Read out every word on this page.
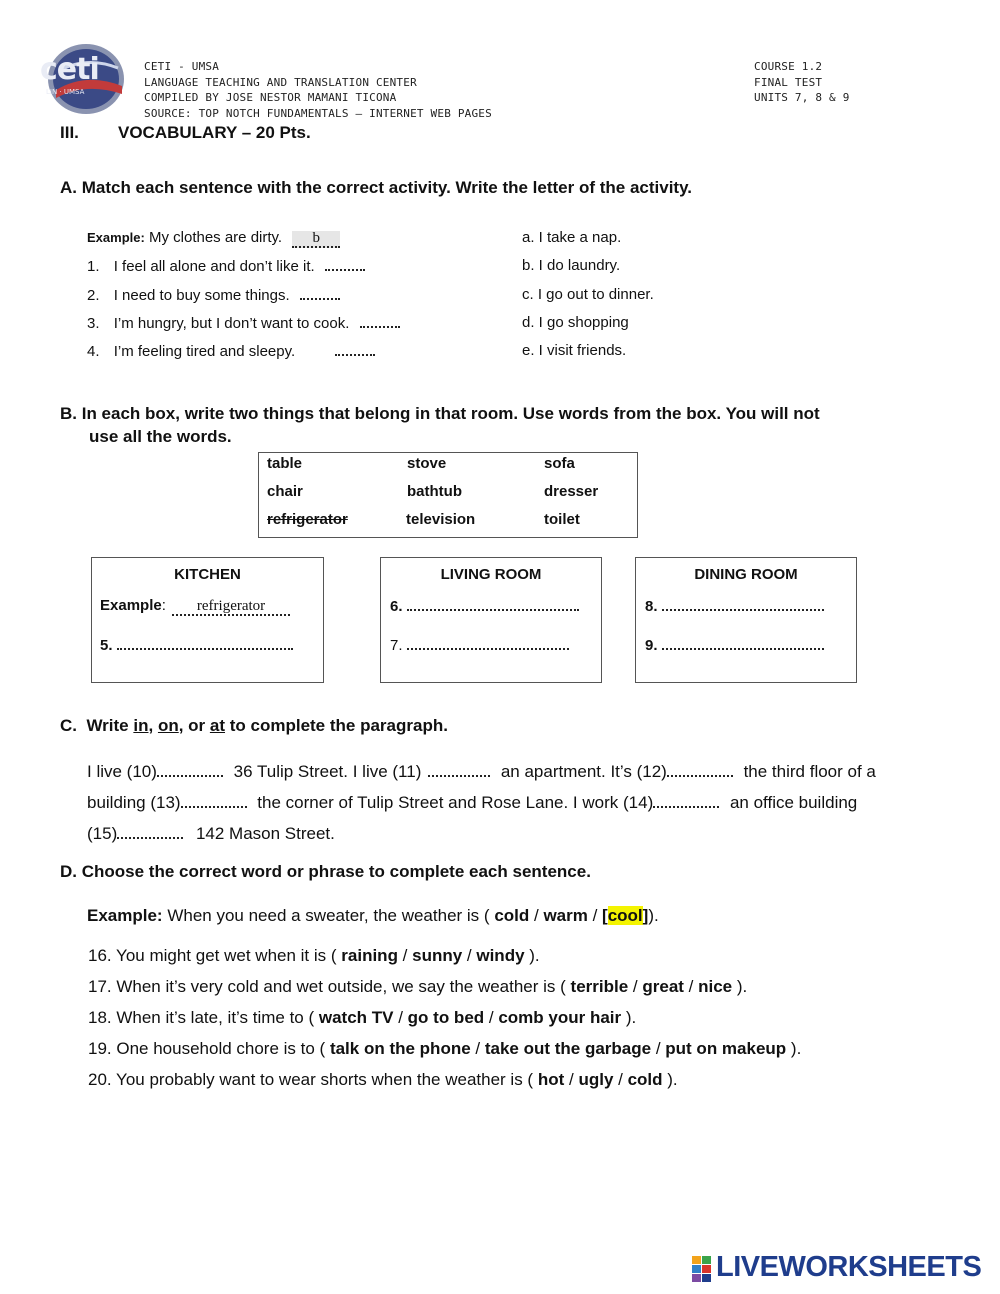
ceti
LIN · UMSA
CETI - UMSA
LANGUAGE TEACHING AND TRANSLATION CENTER
COMPILED BY JOSE NESTOR MAMANI TICONA
SOURCE: TOP NOTCH FUNDAMENTALS – INTERNET WEB PAGES
COURSE 1.2
FINAL TEST
UNITS 7, 8 & 9
III. VOCABULARY – 20 Pts.
A. Match each sentence with the correct activity. Write the letter of the activity.
Example: My clothes are dirty. b
1. I feel all alone and don’t like it.
2. I need to buy some things.
3. I’m hungry, but I don’t want to cook.
4. I’m feeling tired and sleepy.
a. I take a nap.
b. I do laundry.
c. I go out to dinner.
d. I go shopping
e. I visit friends.
B. In each box, write two things that belong in that room. Use words from the box. You will not
use all the words.
table	stove	sofa
chair	bathtub	dresser
refrigerator	television	toilet
KITCHEN
Example: refrigerator
5.
LIVING ROOM
6.
7.
DINING ROOM
8.
9.
C.  Write in, on, or at to complete the paragraph.
I live (10)	36 Tulip Street. I live (11)	an apartment. It’s (12)	the third floor of a
building (13)	the corner of Tulip Street and Rose Lane. I work (14)	an office building
(15)	142 Mason Street.
D. Choose the correct word or phrase to complete each sentence.
Example: When you need a sweater, the weather is ( cold / warm / [cool]).
16. You might get wet when it is ( raining / sunny / windy ).
17. When it’s very cold and wet outside, we say the weather is ( terrible / great / nice ).
18. When it’s late, it’s time to ( watch TV / go to bed / comb your hair ).
19. One household chore is to ( talk on the phone / take out the garbage / put on makeup ).
20. You probably want to wear shorts when the weather is ( hot / ugly / cold ).
LIVEWORKSHEETS
